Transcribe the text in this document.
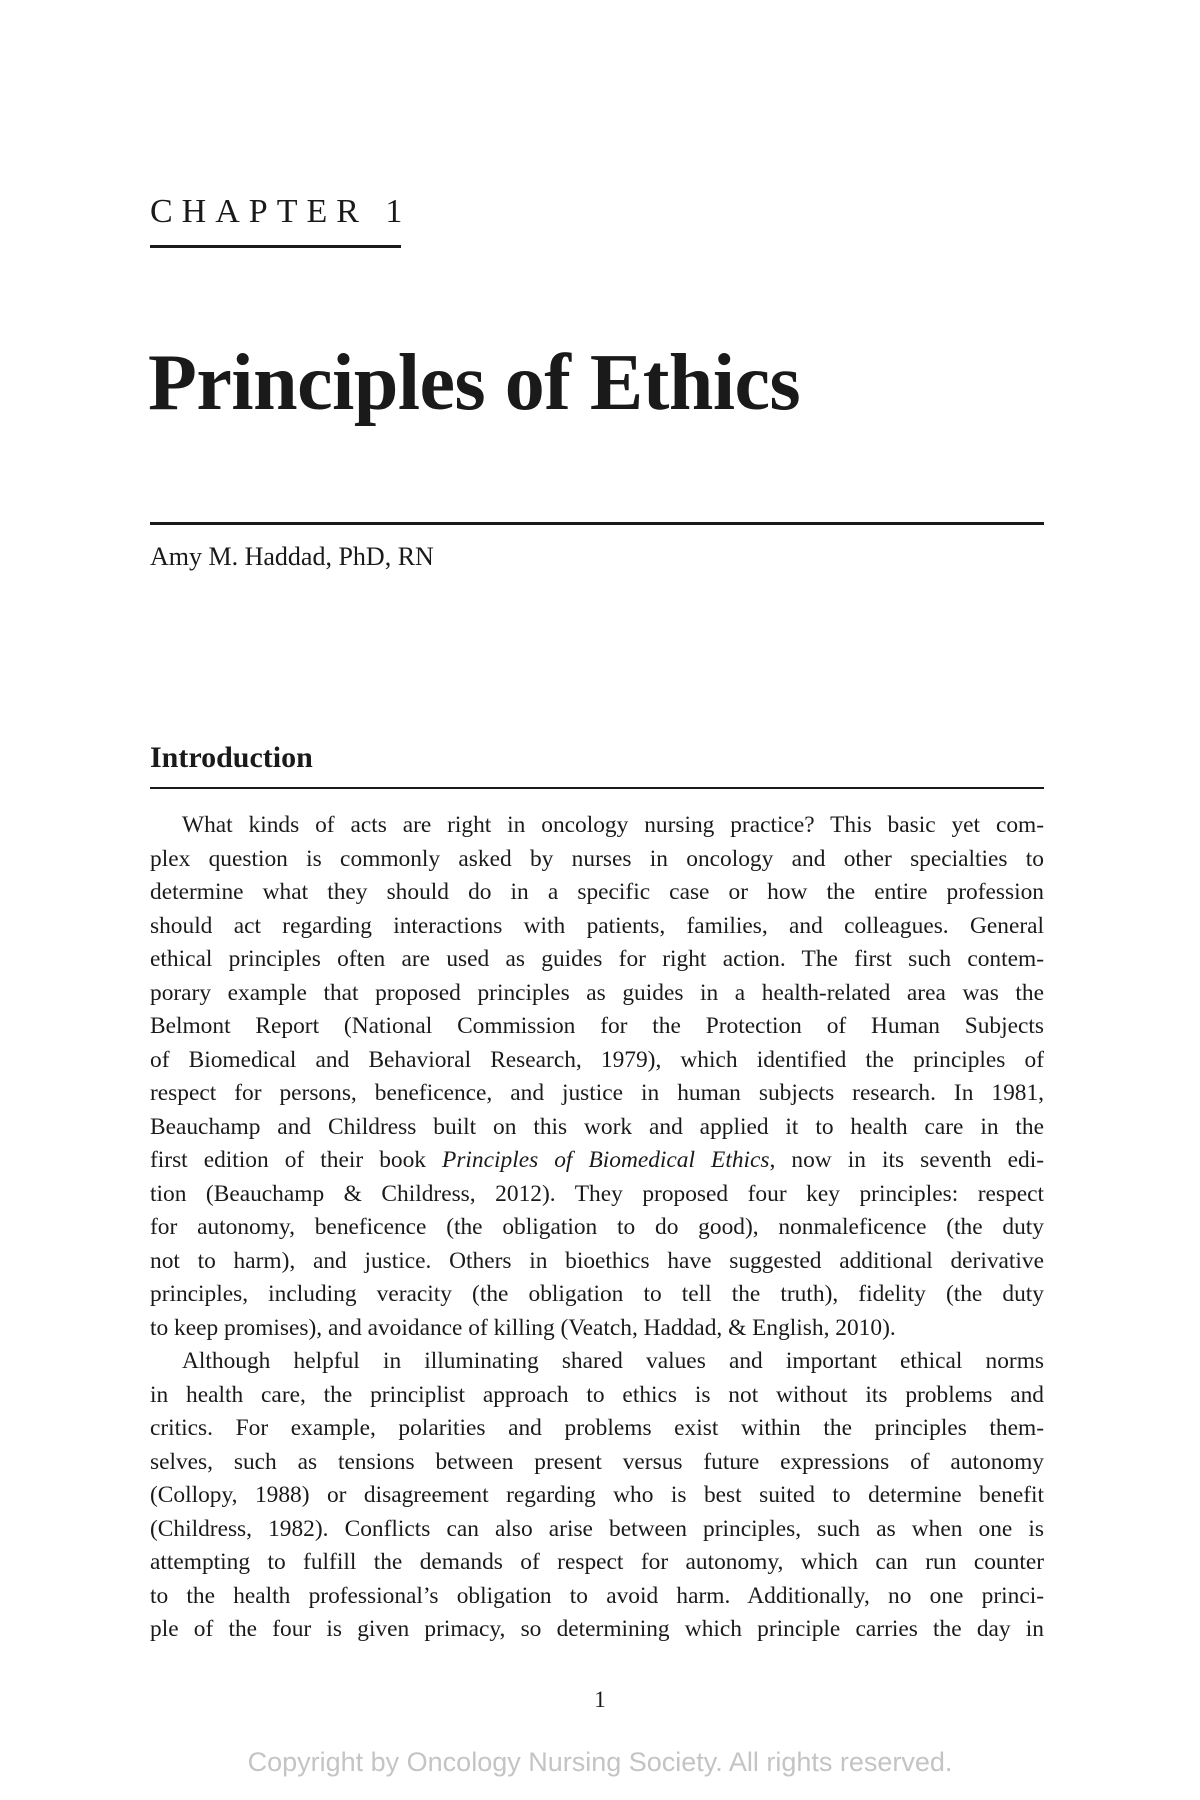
CHAPTER 1
Principles of Ethics
Amy M. Haddad, PhD, RN
Introduction
What kinds of acts are right in oncology nursing practice? This basic yet com-
plex question is commonly asked by nurses in oncology and other specialties to
determine what they should do in a specific case or how the entire profession
should act regarding interactions with patients, families, and colleagues. General
ethical principles often are used as guides for right action. The first such contem-
porary example that proposed principles as guides in a health-related area was the
Belmont Report (National Commission for the Protection of Human Subjects
of Biomedical and Behavioral Research, 1979), which identified the principles of
respect for persons, beneficence, and justice in human subjects research. In 1981,
Beauchamp and Childress built on this work and applied it to health care in the
first edition of their book Principles of Biomedical Ethics, now in its seventh edi-
tion (Beauchamp & Childress, 2012). They proposed four key principles: respect
for autonomy, beneficence (the obligation to do good), nonmaleficence (the duty
not to harm), and justice. Others in bioethics have suggested additional derivative
principles, including veracity (the obligation to tell the truth), fidelity (the duty
to keep promises), and avoidance of killing (Veatch, Haddad, & English, 2010).
Although helpful in illuminating shared values and important ethical norms
in health care, the principlist approach to ethics is not without its problems and
critics. For example, polarities and problems exist within the principles them-
selves, such as tensions between present versus future expressions of autonomy
(Collopy, 1988) or disagreement regarding who is best suited to determine benefit
(Childress, 1982). Conflicts can also arise between principles, such as when one is
attempting to fulfill the demands of respect for autonomy, which can run counter
to the health professional’s obligation to avoid harm. Additionally, no one princi-
ple of the four is given primacy, so determining which principle carries the day in
1
Copyright by Oncology Nursing Society. All rights reserved.
